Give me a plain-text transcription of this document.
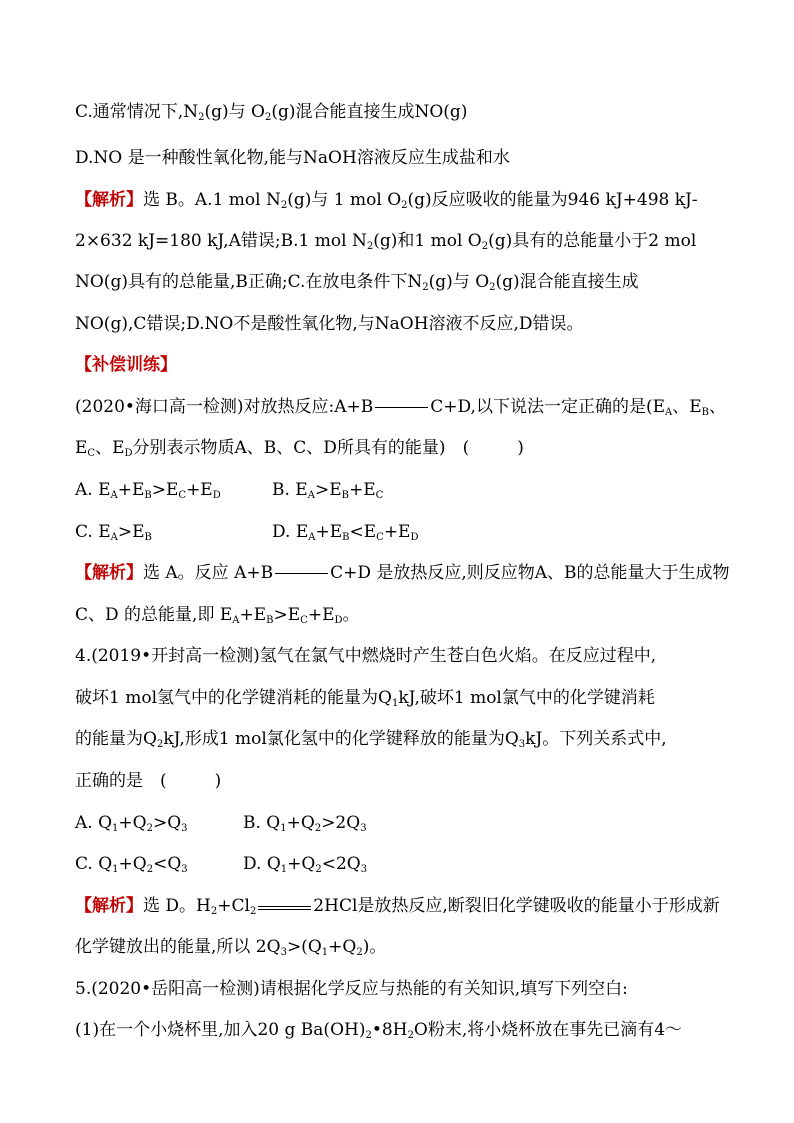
C.通常情况下$,N_2(g)$与 $O_2(g)$混合能直接生成NO(g)
D.NO 是一种酸性氧化物,能与NaOH溶液反应生成盐和水
【解析】选 B。A.1 mol $N_2(g)$与 1 mol $O_2(g)$反应吸收的能量为946 kJ+498 kJ-
2×632 kJ=180 kJ,A错误;B.1 mol $N_2(g)$和1 mol $O_2(g)$具有的总能量小于2 mol
NO(g)具有的总能量,B正确;C.在放电条件下$N_2(g)$与 $O_2(g)$混合能直接生成
NO(g),C错误;D.NO不是酸性氧化物,与NaOH溶液不反应,D错误。
【补偿训练】
(2020•海口高一检测)对放热反应:A+B	C+D,以下说法一定正确的是($E_A$、$E_B$、
$E_C$、$E_D$分别表示物质A、B、C、D所具有的能量)　(	)
A. $E_A+E_B>E_C+E_D$	B. $E_A>E_B+E_C$
C. $E_A>E_B$	D. $E_A+E_B<E_C+E_D$
【解析】选 A。反应 A+B	C+D 是放热反应,则反应物A、B的总能量大于生成物
C、D 的总能量,即 $E_A+E_B>E_C+E_D$。
4.(2019•开封高一检测)氢气在氯气中燃烧时产生苍白色火焰。在反应过程中,
破坏1 mol氢气中的化学键消耗的能量为$Q_1kJ$,破坏1 mol氯气中的化学键消耗
的能量为$Q_2kJ$,形成1 mol氯化氢中的化学键释放的能量为$Q_3kJ$。下列关系式中,
正确的是　(	)
A. $Q_1+Q_2>Q_3$	B. $Q_1+Q_2>2Q_3$
C. $Q_1+Q_2<Q_3$	D. $Q_1+Q_2<2Q_3$
【解析】选 D。$H_2+Cl_2$	2HCl是放热反应,断裂旧化学键吸收的能量小于形成新
化学键放出的能量,所以 $2Q_3>(Q_1+Q_2)$。
5.(2020•岳阳高一检测)请根据化学反应与热能的有关知识,填写下列空白:
(1)在一个小烧杯里,加入20 g $Ba(OH)_2•8H_2O$粉末,将小烧杯放在事先已滴有4～
